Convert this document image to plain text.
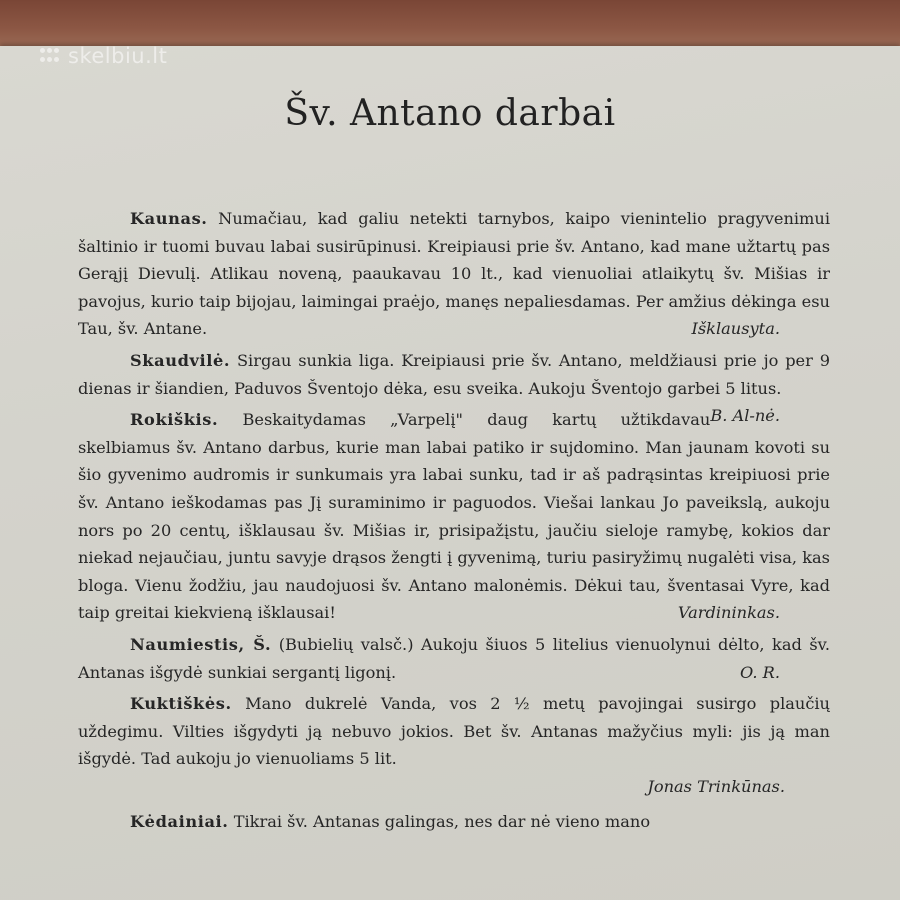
skelbiu.lt
Šv. Antano darbai

Kaunas. Numačiau, kad galiu netekti tarnybos, kaipo vienintelio pragyvenimui šaltinio ir tuomi buvau labai susirūpinusi. Kreipiausi prie šv. Antano, kad mane užtartų pas Gerąjį Dievulį. Atlikau noveną, paaukavau 10 lt., kad vienuoliai atlaikytų šv. Mišias ir pavojus, kurio taip bijojau, laimingai praėjo, manęs nepaliesdamas. Per amžius dėkinga esu Tau, šv. Antane.	Išklausyta.

Skaudvilė. Sirgau sunkia liga. Kreipiausi prie šv. Antano, meldžiausi prie jo per 9 dienas ir šiandien, Paduvos Šventojo dėka, esu sveika. Aukoju Šventojo garbei 5 litus.
B. Al-nė.

Rokiškis. Beskaitydamas „Varpelį" daug kartų užtikdavau skelbiamus šv. Antano darbus, kurie man labai patiko ir sujdomino. Man jaunam kovoti su šio gyvenimo audromis ir sunkumais yra labai sunku, tad ir aš padrąsintas kreipiuosi prie šv. Antano ieškodamas pas Jį suraminimo ir paguodos. Viešai lankau Jo paveikslą, aukoju nors po 20 centų, išklausau šv. Mišias ir, prisipažįstu, jaučiu sieloje ramybę, kokios dar niekad nejaučiau, juntu savyje drąsos žengti į gyvenimą, turiu pasiryžimų nugalėti visa, kas bloga. Vienu žodžiu, jau naudojuosi šv. Antano malonėmis. Dėkui tau, šventasai Vyre, kad taip greitai kiekvieną išklausai!	Vardininkas.

Naumiestis, Š. (Bubielių valsč.) Aukoju šiuos 5 litelius vienuolynui dėlto, kad šv. Antanas išgydė sunkiai sergantį ligonį.	O. R.

Kuktiškės. Mano dukrelė Vanda, vos 2 ½ metų pavojingai susirgo plaučių uždegimu. Vilties išgydyti ją nebuvo jokios. Bet šv. Antanas mažyčius myli: jis ją man išgydė. Tad aukoju jo vienuoliams 5 lit.

Jonas Trinkūnas.

Kėdainiai. Tikrai šv. Antanas galingas, nes dar nė vieno mano
